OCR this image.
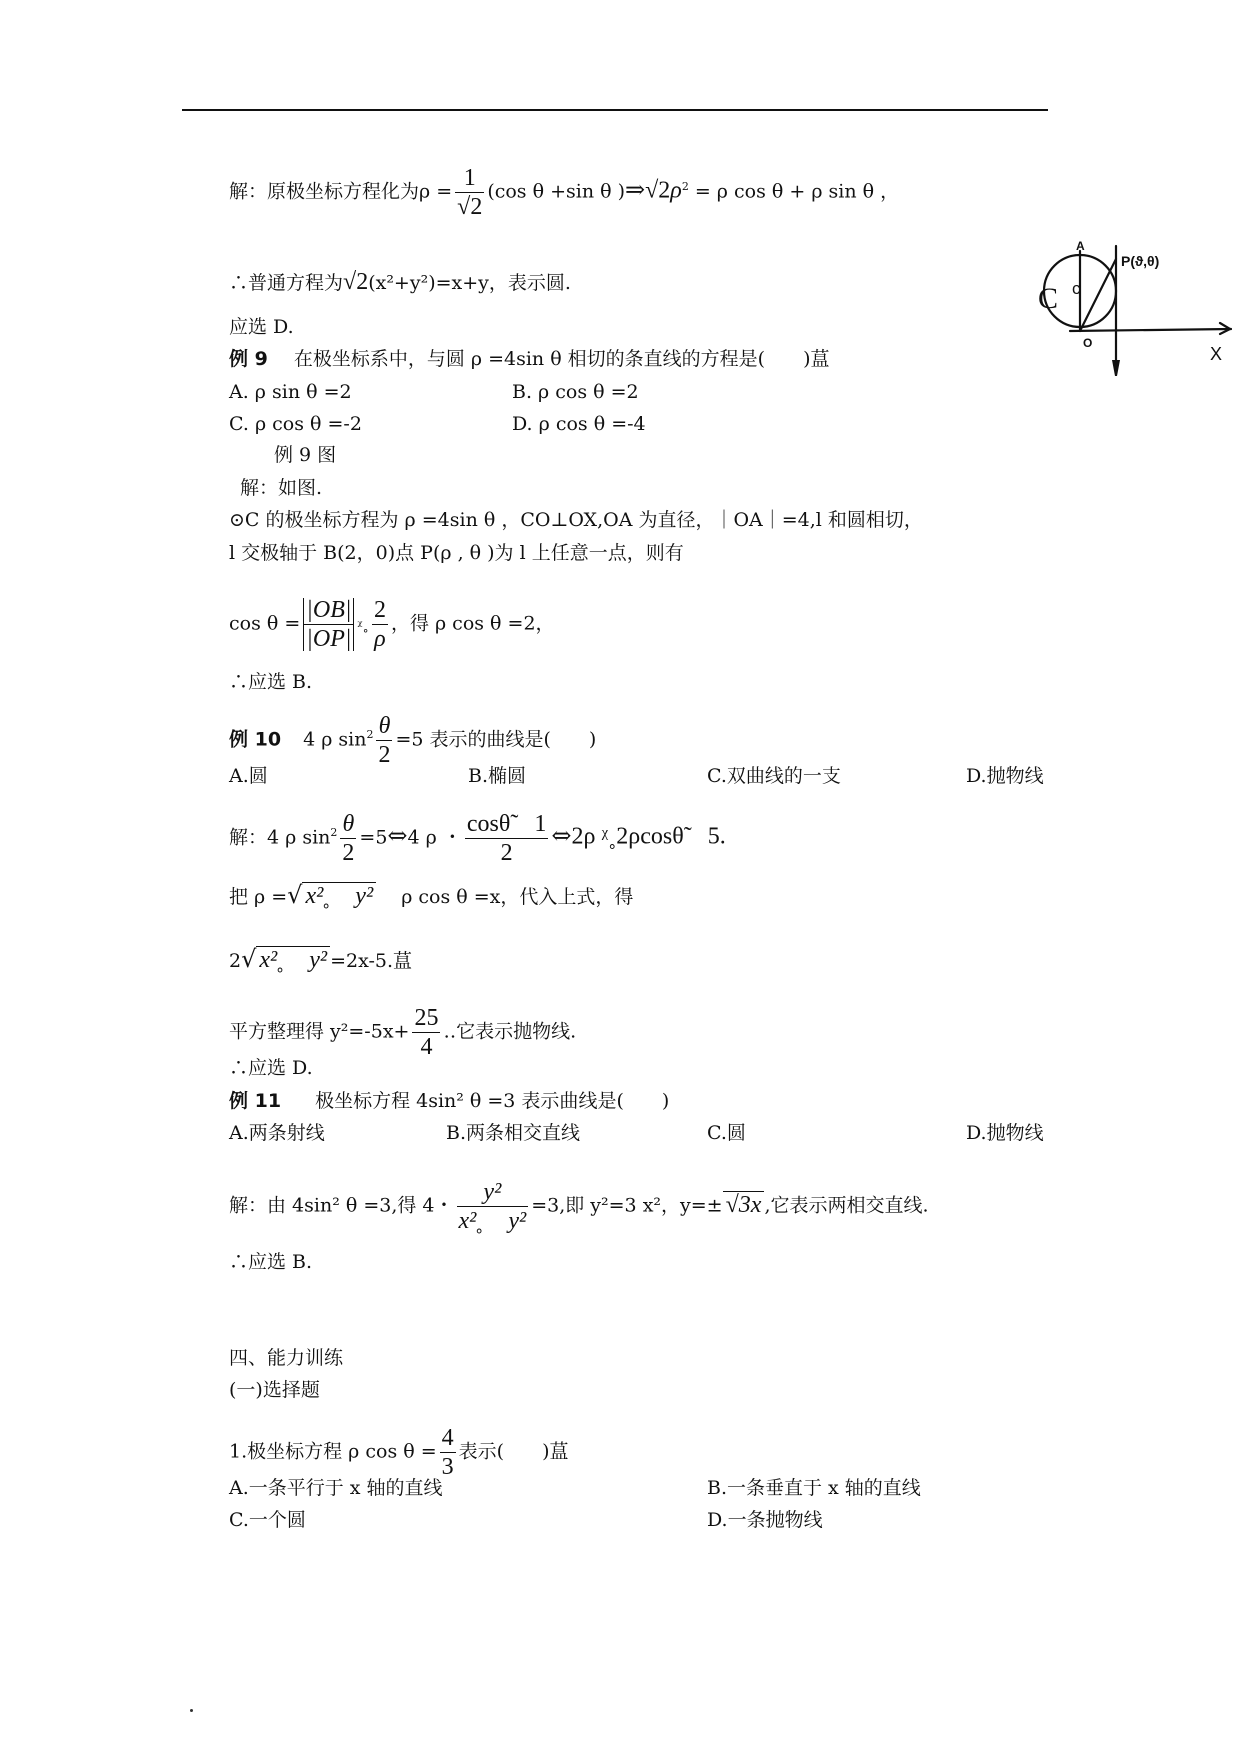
解：原极坐标方程化为$\rho = \frac{1}{√2} (\cos$ θ +sin θ )$\Rightarrow√2\rho^2 = \rho$ cos θ + ρ sin θ ，
∴普通方程为√2(x²+y²)=x+y，表示圆.
应选 D.
例 9 在极坐标系中，与圆 ρ =4sin θ 相切的条直线的方程是(　　)蒀
A. ρ sin θ =2	B. ρ cos θ =2
C. ρ cos θ =-2	D. ρ cos θ =-4
例 9 图
解：如图.
⊙C 的极坐标方程为 ρ =4sin θ ，CO⊥OX,OA 为直径，｜OA｜=4,l 和圆相切，
l 交极轴于 B(2，0)点 P(ρ , θ )为 l 上任意一点，则有
$\cos \theta = \frac{|OB|}{|OP|}$ ᵡ˳ $\frac{2}{\rho}$ ，得 ρ cos θ =2，
∴应选 B.
例 10 4 ρ $\sin^2 \frac{\theta}{2} =5$ 表示的曲线是(　　)
A.圆	B.椭圆	C.双曲线的一支	D.抛物线
解：4 ρ $\sin^2 \frac{\theta}{2}$ =5⇔4 ρ ・ $\frac{\cos\thetã 1}{2}$ ⇔2ρ ᵡ˳2ρcosθ̃　5.
把 ρ =√ x²˳　y²　 ρ cos θ =x，代入上式，得
2√ x²˳　y² =2x-5.蒀
平方整理得 $y^2=-5x+ \frac{25}{4}$ ‥它表示抛物线.
∴应选 D.
例 11 极坐标方程 4sin² θ =3 表示曲线是(　　)
A.两条射线	B.两条相交直线	C.圆	D.抛物线
解：由 4sin² θ =3,得 4・ $\frac{\text{y²}}{\text{x²˳　y²}} =3$,即 y²=3 x²，y=± √3x ,它表示两相交直线.
∴应选 B.
四、能力训练
(一)选择题
1.极坐标方程 ρ $\cos \theta = \frac{4}{3}$ 表示(　　)蒀
A.一条平行于 x 轴的直线	B.一条垂直于 x 轴的直线
C.一个圆	D.一条抛物线
C c
A
P(ϑ,θ)
O
X
